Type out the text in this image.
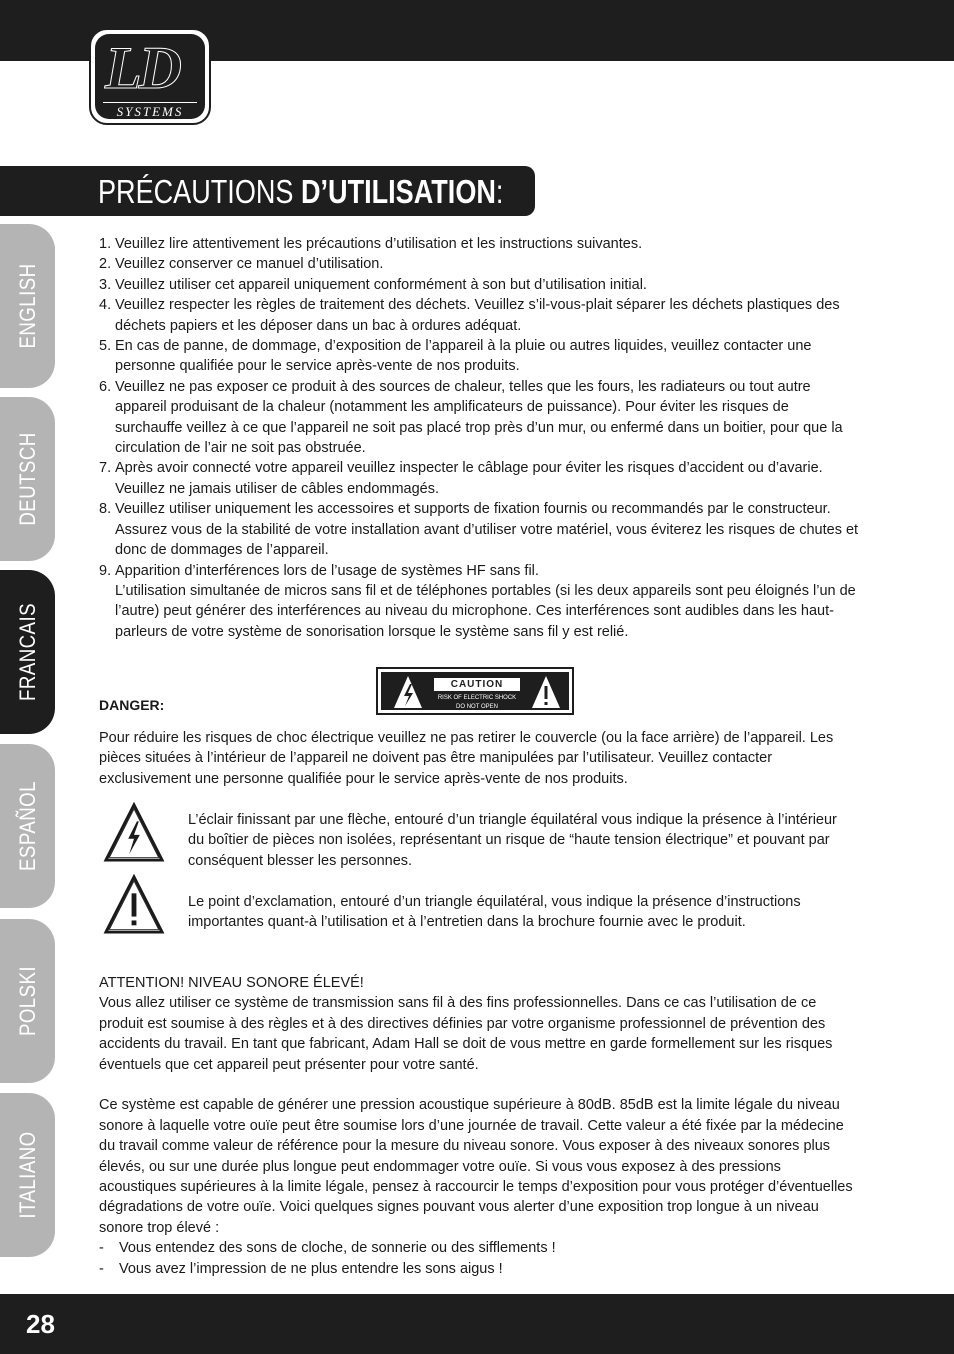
LD
SYSTEMS
PRÉCAUTIONS D’UTILISATION:
ENGLISH
DEUTSCH
FRANCAIS
ESPAÑOL
POLSKI
ITALIANO
1. Veuillez lire attentivement les précautions d’utilisation et les instructions suivantes.
2. Veuillez conserver ce manuel d’utilisation.
3. Veuillez utiliser cet appareil uniquement conformément à son but d’utilisation initial.
4. Veuillez respecter les règles de traitement des déchets. Veuillez s’il-vous-plait séparer les déchets plastiques des déchets papiers et les déposer dans un bac à ordures adéquat.
5. En cas de panne, de dommage, d’exposition de l’appareil à la pluie ou autres liquides, veuillez contacter une personne qualifiée pour le service après-vente de nos produits.
6. Veuillez ne pas exposer ce produit à des sources de chaleur, telles que les fours, les radiateurs ou tout autre appareil produisant de la chaleur (notamment les amplificateurs de puissance). Pour éviter les risques de surchauffe veillez à ce que l’appareil ne soit pas placé trop près d’un mur, ou enfermé dans un boitier, pour que la circulation de l’air ne soit pas obstruée.
7. Après avoir connecté votre appareil veuillez inspecter le câblage pour éviter les risques d’accident ou d’avarie. Veuillez ne jamais utiliser de câbles endommagés.
8. Veuillez utiliser uniquement les accessoires et supports de fixation fournis ou recommandés par le constructeur. Assurez vous de la stabilité de votre installation avant d’utiliser votre matériel, vous éviterez les risques de chutes et donc de dommages de l’appareil.
9. Apparition d’interférences lors de l’usage de systèmes HF sans fil.
L’utilisation simultanée de micros sans fil et de téléphones portables (si les deux appareils sont peu éloignés l’un de l’autre) peut générer des interférences au niveau du microphone. Ces interférences sont audibles dans les haut-parleurs de votre système de sonorisation lorsque le système sans fil y est relié.
CAUTION
RISK OF ELECTRIC SHOCK
DO NOT OPEN
DANGER:

Pour réduire les risques de choc électrique veuillez ne pas retirer le couvercle (ou la face arrière) de l’appareil. Les pièces situées à l’intérieur de l’appareil ne doivent pas être manipulées par l’utilisateur. Veuillez contacter exclusivement une personne qualifiée pour le service après-vente de nos produits.

L’éclair finissant par une flèche, entouré d’un triangle équilatéral vous indique la présence à l’intérieur du boîtier de pièces non isolées, représentant un risque de “haute tension électrique” et pouvant par conséquent blesser les personnes.

Le point d’exclamation, entouré d’un triangle équilatéral, vous indique la présence d’instructions importantes quant-à l’utilisation et à l’entretien dans la brochure fournie avec le produit.

ATTENTION! NIVEAU SONORE ÉLEVÉ!

Vous allez utiliser ce système de transmission sans fil à des fins professionnelles. Dans ce cas l’utilisation de ce produit est soumise à des règles et à des directives définies par votre organisme professionnel de prévention des accidents du travail. En tant que fabricant, Adam Hall se doit de vous mettre en garde formellement sur les risques éventuels que cet appareil peut présenter pour votre santé.

Ce système est capable de générer une pression acoustique supérieure à 80dB. 85dB est la limite légale du niveau sonore à laquelle votre ouïe peut être soumise lors d’une journée de travail. Cette valeur a été fixée par la médecine du travail comme valeur de référence pour la mesure du niveau sonore. Vous exposer à des niveaux sonores plus élevés, ou sur une durée plus longue peut endommager votre ouïe. Si vous vous exposez à des pressions acoustiques supérieures à la limite légale, pensez à raccourcir le temps d’exposition pour vous protéger d’éventuelles dégradations de votre ouïe. Voici quelques signes pouvant vous alerter d’une exposition trop longue à un niveau sonore trop élevé :

- Vous entendez des sons de cloche, de sonnerie ou des sifflements !
- Vous avez l’impression de ne plus entendre les sons aigus !
28
